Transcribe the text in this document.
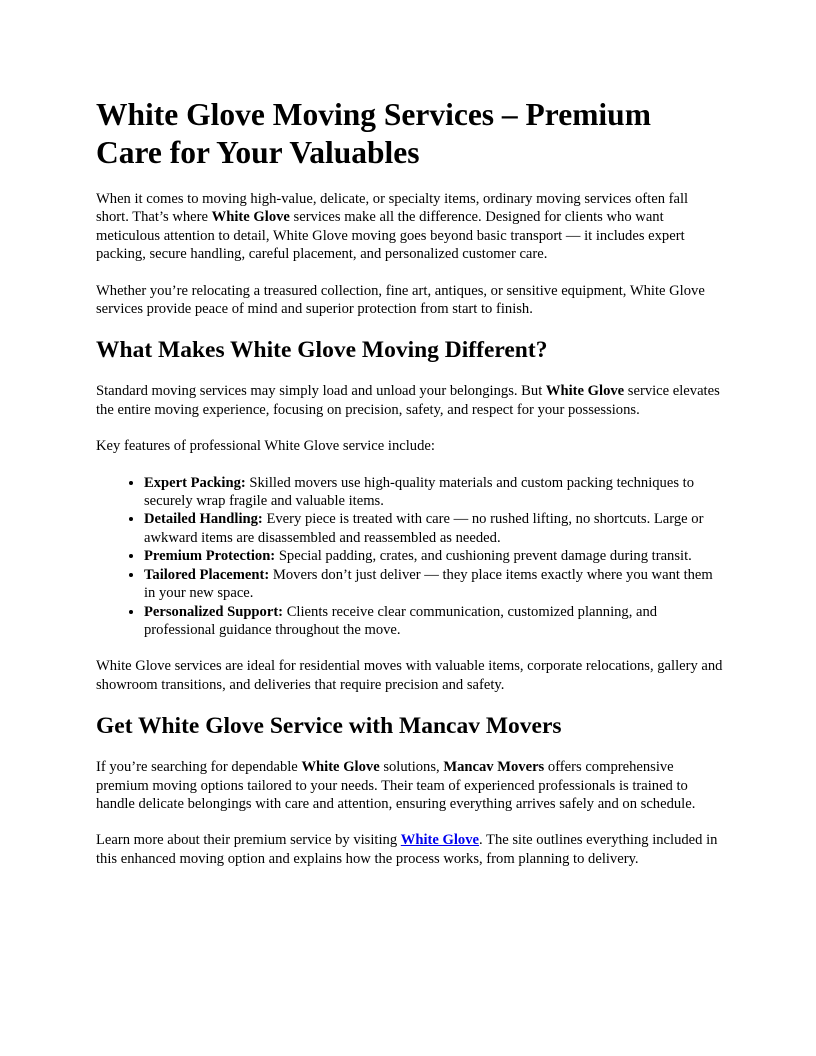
White Glove Moving Services – Premium Care for Your Valuables

When it comes to moving high-value, delicate, or specialty items, ordinary moving services often fall short. That’s where White Glove services make all the difference. Designed for clients who want meticulous attention to detail, White Glove moving goes beyond basic transport — it includes expert packing, secure handling, careful placement, and personalized customer care.

Whether you’re relocating a treasured collection, fine art, antiques, or sensitive equipment, White Glove services provide peace of mind and superior protection from start to finish.

What Makes White Glove Moving Different?

Standard moving services may simply load and unload your belongings. But White Glove service elevates the entire moving experience, focusing on precision, safety, and respect for your possessions.

Key features of professional White Glove service include:

• Expert Packing: Skilled movers use high-quality materials and custom packing techniques to securely wrap fragile and valuable items.
• Detailed Handling: Every piece is treated with care — no rushed lifting, no shortcuts. Large or awkward items are disassembled and reassembled as needed.
• Premium Protection: Special padding, crates, and cushioning prevent damage during transit.
• Tailored Placement: Movers don’t just deliver — they place items exactly where you want them in your new space.
• Personalized Support: Clients receive clear communication, customized planning, and professional guidance throughout the move.

White Glove services are ideal for residential moves with valuable items, corporate relocations, gallery and showroom transitions, and deliveries that require precision and safety.

Get White Glove Service with Mancav Movers

If you’re searching for dependable White Glove solutions, Mancav Movers offers comprehensive premium moving options tailored to your needs. Their team of experienced professionals is trained to handle delicate belongings with care and attention, ensuring everything arrives safely and on schedule.

Learn more about their premium service by visiting White Glove. The site outlines everything included in this enhanced moving option and explains how the process works, from planning to delivery.
